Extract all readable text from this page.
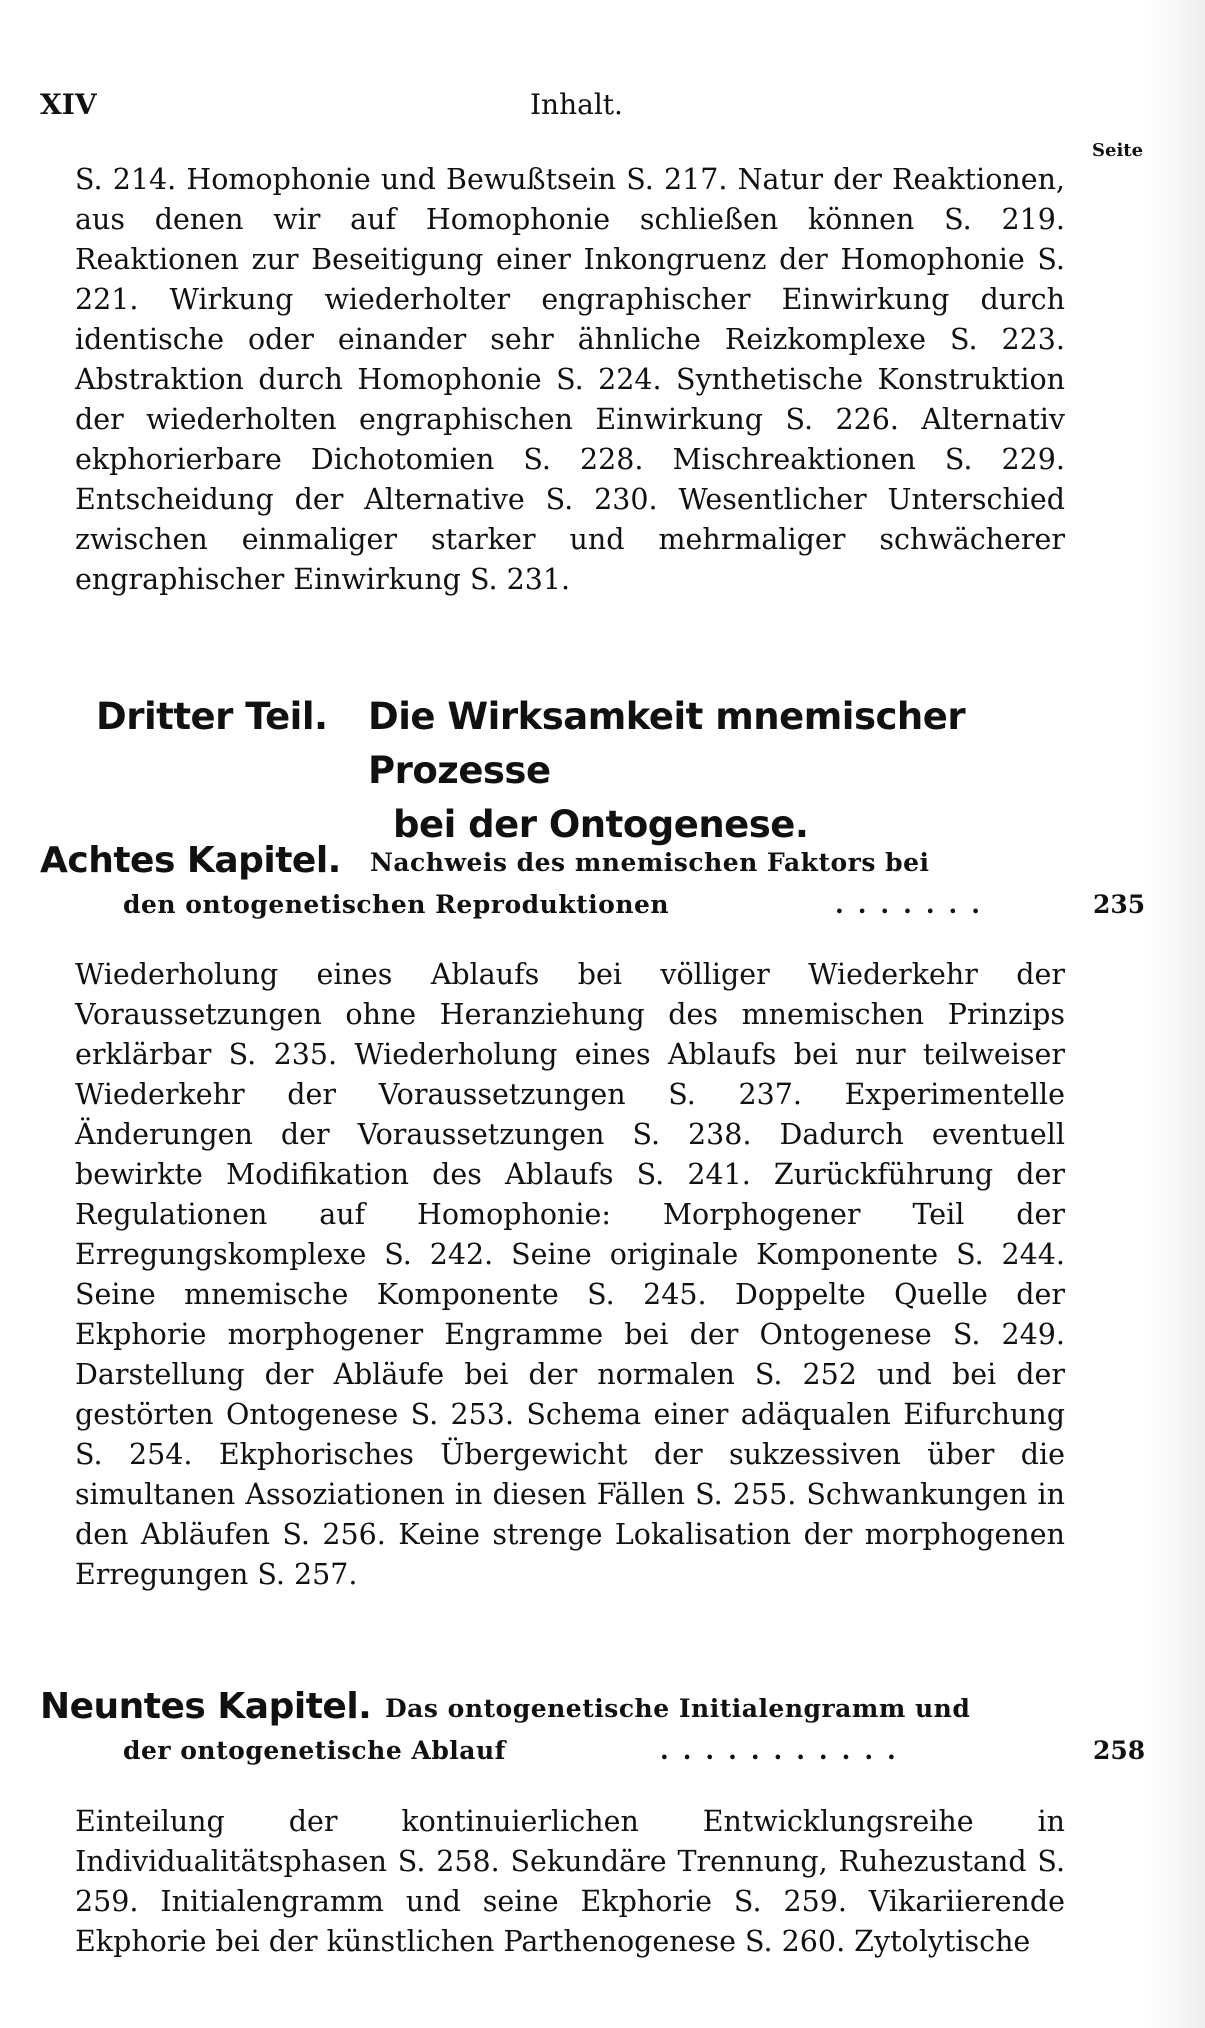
XIV	Inhalt.
Seite

S. 214. Homophonie und Bewußtsein S. 217. Natur der Reaktionen, aus denen wir auf Homophonie schließen können S. 219. Reaktionen zur Beseitigung einer Inkongruenz der Homophonie S. 221. Wirkung wiederholter engraphischer Einwirkung durch identische oder einander sehr ähnliche Reizkomplexe S. 223. Abstraktion durch Homophonie S. 224. Synthetische Konstruktion der wiederholten engraphischen Einwirkung S. 226. Alternativ ekphorierbare Dichotomien S. 228. Mischreaktionen S. 229. Entscheidung der Alternative S. 230. Wesentlicher Unterschied zwischen einmaliger starker und mehrmaliger schwächerer engraphischer Einwirkung S. 231.

Dritter Teil. Die Wirksamkeit mnemischer Prozesse
bei der Ontogenese.
Achtes Kapitel. Nachweis des mnemischen Faktors bei
den ontogenetischen Reproduktionen	.......	235

Wiederholung eines Ablaufs bei völliger Wiederkehr der Voraussetzungen ohne Heranziehung des mnemischen Prinzips erklärbar S. 235. Wiederholung eines Ablaufs bei nur teilweiser Wiederkehr der Voraussetzungen S. 237. Experimentelle Änderungen der Voraussetzungen S. 238. Dadurch eventuell bewirkte Modifikation des Ablaufs S. 241. Zurückführung der Regulationen auf Homophonie: Morphogener Teil der Erregungskomplexe S. 242. Seine originale Komponente S. 244. Seine mnemische Komponente S. 245. Doppelte Quelle der Ekphorie morphogener Engramme bei der Ontogenese S. 249. Darstellung der Abläufe bei der normalen S. 252 und bei der gestörten Ontogenese S. 253. Schema einer adäqualen Eifurchung S. 254. Ekphorisches Übergewicht der sukzessiven über die simultanen Assoziationen in diesen Fällen S. 255. Schwankungen in den Abläufen S. 256. Keine strenge Lokalisation der morphogenen Erregungen S. 257.

Neuntes Kapitel. Das ontogenetische Initialengramm und
der ontogenetische Ablauf	...........	258

Einteilung der kontinuierlichen Entwicklungsreihe in Individualitätsphasen S. 258. Sekundäre Trennung, Ruhezustand S. 259. Initialengramm und seine Ekphorie S. 259. Vikariierende Ekphorie bei der künstlichen Parthenogenese S. 260. Zytolytische
